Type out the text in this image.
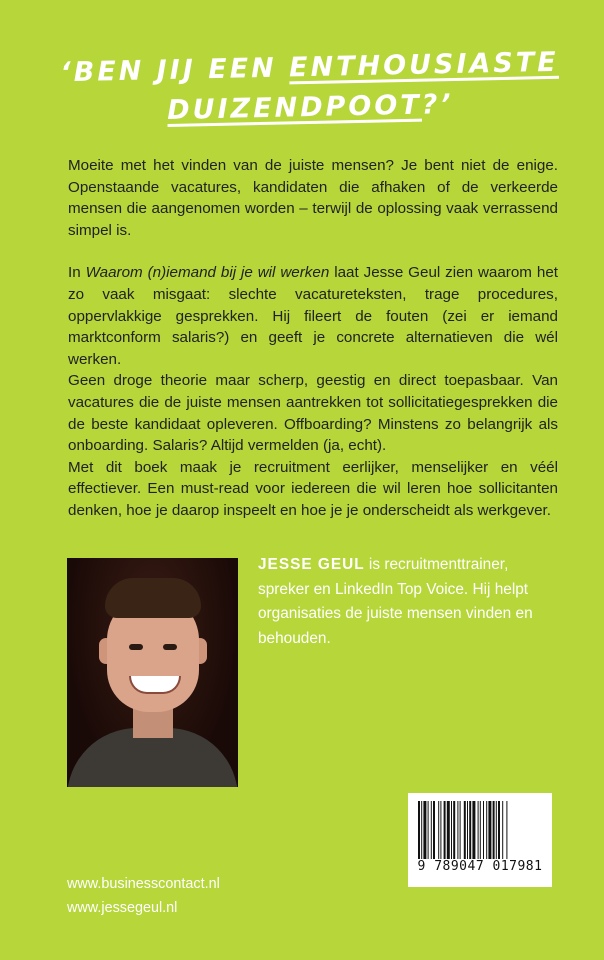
‘BEN JIJ EEN ENTHOUSIASTE
DUIZENDPOOT?’

Moeite met het vinden van de juiste mensen? Je bent niet de enige. Openstaande vacatures, kandidaten die afhaken of de verkeerde mensen die aangenomen worden – terwijl de oplossing vaak verrassend simpel is.

In Waarom (n)iemand bij je wil werken laat Jesse Geul zien waarom het zo vaak misgaat: slechte vacatureteksten, trage procedures, oppervlakkige gesprekken. Hij fileert de fouten (zei er iemand marktconform salaris?) en geeft je concrete alternatieven die wél werken.

Geen droge theorie maar scherp, geestig en direct toepasbaar. Van vacatures die de juiste mensen aantrekken tot sollicitatiegesprekken die de beste kandidaat opleveren. Offboarding? Minstens zo belangrijk als onboarding. Salaris? Altijd vermelden (ja, echt).

Met dit boek maak je recruitment eerlijker, menselijker en véél effectiever. Een must-read voor iedereen die wil leren hoe sollicitanten denken, hoe je daarop inspeelt en hoe je je onderscheidt als werkgever.

JESSE GEUL is recruitmenttrainer, spreker en LinkedIn Top Voice. Hij helpt organisaties de juiste mensen vinden en behouden.
9 789047 017981
www.businesscontact.nl
www.jessegeul.nl
